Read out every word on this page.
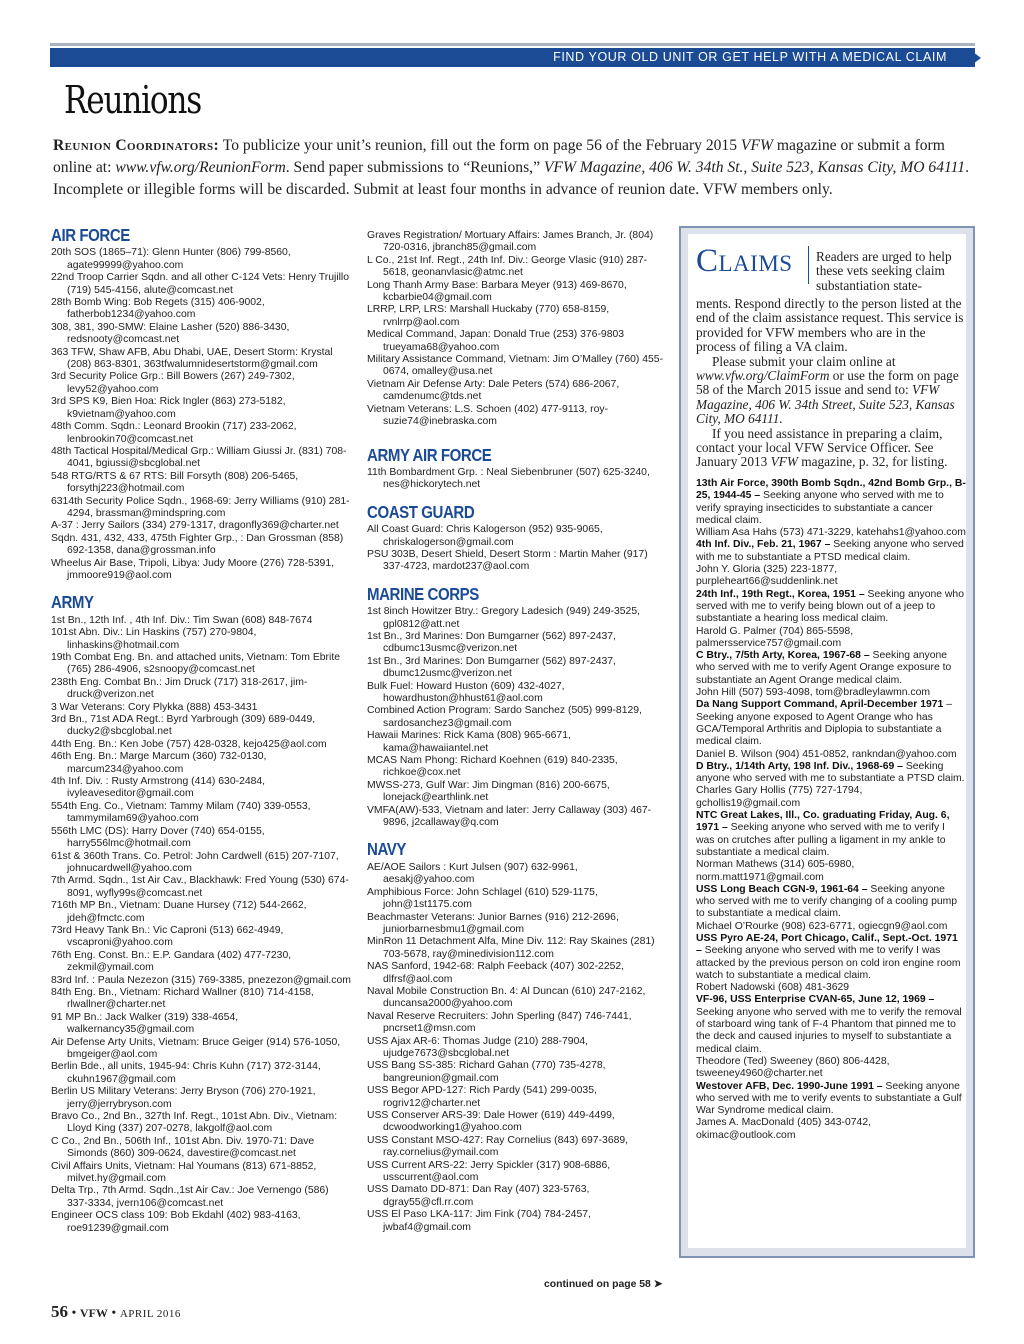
FIND YOUR OLD UNIT OR GET HELP WITH A MEDICAL CLAIM
Reunions
Reunion Coordinators: To publicize your unit’s reunion, fill out the form on page 56 of the February 2015 VFW magazine or submit a form online at: www.vfw.org/ReunionForm. Send paper submissions to “Reunions,” VFW Magazine, 406 W. 34th St., Suite 523, Kansas City, MO 64111. Incomplete or illegible forms will be discarded. Submit at least four months in advance of reunion date. VFW members only.
AIR FORCE
20th SOS (1865–71): Glenn Hunter (806) 799-8560, agate99999@yahoo.com
22nd Troop Carrier Sqdn. and all other C-124 Vets: Henry Trujillo (719) 545-4156, alute@comcast.net
28th Bomb Wing: Bob Regets (315) 406-9002, fatherbob1234@yahoo.com
308, 381, 390-SMW: Elaine Lasher (520) 886-3430, redsnooty@comcast.net
363 TFW, Shaw AFB, Abu Dhabi, UAE, Desert Storm: Krystal (208) 863-8301, 363tfwalumnidesertstorm@gmail.com
3rd Security Police Grp.: Bill Bowers (267) 249-7302, levy52@yahoo.com
3rd SPS K9, Bien Hoa: Rick Ingler (863) 273-5182, k9vietnam@yahoo.com
48th Comm. Sqdn.: Leonard Brookin (717) 233-2062, lenbrookin70@comcast.net
48th Tactical Hospital/Medical Grp.: William Giussi Jr. (831) 708-4041, bgiussi@sbcglobal.net
548 RTG/RTS & 67 RTS: Bill Forsyth (808) 206-5465, forsythj223@hotmail.com
6314th Security Police Sqdn., 1968-69: Jerry Williams (910) 281-4294, brassman@mindspring.com
A-37 : Jerry Sailors (334) 279-1317, dragonfly369@charter.net
Sqdn. 431, 432, 433, 475th Fighter Grp., : Dan Grossman (858) 692-1358, dana@grossman.info
Wheelus Air Base, Tripoli, Libya: Judy Moore (276) 728-5391, jmmoore919@aol.com
ARMY
1st Bn., 12th Inf. , 4th Inf. Div.: Tim Swan (608) 848-7674
101st Abn. Div.: Lin Haskins (757) 270-9804, linhaskins@hotmail.com
19th Combat Eng. Bn. and attached units, Vietnam: Tom Ebrite (765) 286-4906, s2snoopy@comcast.net
238th Eng. Combat Bn.: Jim Druck (717) 318-2617, jim-druck@verizon.net
3 War Veterans: Cory Plykka (888) 453-3431
3rd Bn., 71st ADA Regt.: Byrd Yarbrough (309) 689-0449, ducky2@sbcglobal.net
44th Eng. Bn.: Ken Jobe (757) 428-0328, kejo425@aol.com
46th Eng. Bn.: Marge Marcum (360) 732-0130, marcum234@yahoo.com
4th Inf. Div. : Rusty Armstrong (414) 630-2484, ivyleaveseditor@gmail.com
554th Eng. Co., Vietnam: Tammy Milam (740) 339-0553, tammymilam69@yahoo.com
556th LMC (DS): Harry Dover (740) 654-0155, harry556lmc@hotmail.com
61st & 360th Trans. Co. Petrol: John Cardwell (615) 207-7107, johnucardwell@yahoo.com
7th Armd. Sqdn., 1st Air Cav., Blackhawk: Fred Young (530) 674-8091, wyfly99s@comcast.net
716th MP Bn., Vietnam: Duane Hursey (712) 544-2662, jdeh@fmctc.com
73rd Heavy Tank Bn.: Vic Caproni (513) 662-4949, vscaproni@yahoo.com
76th Eng. Const. Bn.: E.P. Gandara (402) 477-7230, zekmil@ymail.com
83rd Inf. : Paula Nezezon (315) 769-3385, pnezezon@gmail.com
84th Eng. Bn., Vietnam: Richard Wallner (810) 714-4158, rlwallner@charter.net
91 MP Bn.: Jack Walker (319) 338-4654, walkernancy35@gmail.com
Air Defense Arty Units, Vietnam: Bruce Geiger (914) 576-1050, bmgeiger@aol.com
Berlin Bde., all units, 1945-94: Chris Kuhn (717) 372-3144, ckuhn1967@gmail.com
Berlin US Military Veterans: Jerry Bryson (706) 270-1921, jerry@jerrybryson.com
Bravo Co., 2nd Bn., 327th Inf. Regt., 101st Abn. Div., Vietnam: Lloyd King (337) 207-0278, lakgolf@aol.com
C Co., 2nd Bn., 506th Inf., 101st Abn. Div. 1970-71: Dave Simonds (860) 309-0624, davestire@comcast.net
Civil Affairs Units, Vietnam: Hal Youmans (813) 671-8852, milvet.hy@gmail.com
Delta Trp., 7th Armd. Sqdn.,1st Air Cav.: Joe Vernengo (586) 337-3334, jvern106@comcast.net
Engineer OCS class 109: Bob Ekdahl (402) 983-4163, roe91239@gmail.com
Graves Registration/ Mortuary Affairs: James Branch, Jr. (804) 720-0316, jbranch85@gmail.com
L Co., 21st Inf. Regt., 24th Inf. Div.: George Vlasic (910) 287-5618, geonanvlasic@atmc.net
Long Thanh Army Base: Barbara Meyer (913) 469-8670, kcbarbie04@gmail.com
LRRP, LRP, LRS: Marshall Huckaby (770) 658-8159, rvnlrrp@aol.com
Medical Command, Japan: Donald True (253) 376-9803 trueyama68@yahoo.com
Military Assistance Command, Vietnam: Jim O’Malley (760) 455-0674, omalley@usa.net
Vietnam Air Defense Arty: Dale Peters (574) 686-2067, camdenumc@tds.net
Vietnam Veterans: L.S. Schoen (402) 477-9113, roy-suzie74@inebraska.com
ARMY AIR FORCE
11th Bombardment Grp. : Neal Siebenbruner (507) 625-3240, nes@hickorytech.net
COAST GUARD
All Coast Guard: Chris Kalogerson (952) 935-9065, chriskalogerson@gmail.com
PSU 303B, Desert Shield, Desert Storm : Martin Maher (917) 337-4723, mardot237@aol.com
MARINE CORPS
1st 8inch Howitzer Btry.: Gregory Ladesich (949) 249-3525, gpl0812@att.net
1st Bn., 3rd Marines: Don Bumgarner (562) 897-2437, cdbumc13usmc@verizon.net
1st Bn., 3rd Marines: Don Bumgarner (562) 897-2437, dbumc12usmc@verizon.net
Bulk Fuel: Howard Huston (609) 432-4027, howardhuston@hhust61@aol.com
Combined Action Program: Sardo Sanchez (505) 999-8129, sardosanchez3@gmail.com
Hawaii Marines: Rick Kama (808) 965-6671, kama@hawaiiantel.net
MCAS Nam Phong: Richard Koehnen (619) 840-2335, richkoe@cox.net
MWSS-273, Gulf War: Jim Dingman (816) 200-6675, lonejack@earthlink.net
VMFA(AW)-533, Vietnam and later: Jerry Callaway (303) 467-9896, j2callaway@q.com
NAVY
AE/AOE Sailors : Kurt Julsen (907) 632-9961, aesakj@yahoo.com
Amphibious Force: John Schlagel (610) 529-1175, john@1st1175.com
Beachmaster Veterans: Junior Barnes (916) 212-2696, juniorbarnesbmu1@gmail.com
MinRon 11 Detachment Alfa, Mine Div. 112: Ray Skaines (281) 703-5678, ray@minedivision112.com
NAS Sanford, 1942-68: Ralph Feeback (407) 302-2252, dlfrsf@aol.com
Naval Mobile Construction Bn. 4: Al Duncan (610) 247-2162, duncansa2000@yahoo.com
Naval Reserve Recruiters: John Sperling (847) 746-7441, pncrset1@msn.com
USS Ajax AR-6: Thomas Judge (210) 288-7904, ujudge7673@sbcglobal.net
USS Bang SS-385: Richard Gahan (770) 735-4278, bangreunion@gmail.com
USS Begor APD-127: Rich Pardy (541) 299-0035, rogriv12@charter.net
USS Conserver ARS-39: Dale Hower (619) 449-4499, dcwoodworking1@yahoo.com
USS Constant MSO-427: Ray Cornelius (843) 697-3689, ray.cornelius@ymail.com
USS Current ARS-22: Jerry Spickler (317) 908-6886, usscurrent@aol.com
USS Damato DD-871: Dan Ray (407) 323-5763, dgray55@cfl.rr.com
USS El Paso LKA-117: Jim Fink (704) 784-2457, jwbaf4@gmail.com
Claims Readers are urged to help these vets seeking claim substantiation state-

ments. Respond directly to the person listed at the end of the claim assistance request. This service is provided for VFW members who are in the process of filing a VA claim.

Please submit your claim online at www.vfw.org/ClaimForm or use the form on page 58 of the March 2015 issue and send to: VFW Magazine, 406 W. 34th Street, Suite 523, Kansas City, MO 64111.

If you need assistance in preparing a claim, contact your local VFW Service Officer. See January 2013 VFW magazine, p. 32, for listing.

13th Air Force, 390th Bomb Sqdn., 42nd Bomb Grp., B-25, 1944-45 – Seeking anyone who served with me to verify spraying insecticides to substantiate a cancer medical claim.
William Asa Hahs (573) 471-3229, katehahs1@yahoo.com
4th Inf. Div., Feb. 21, 1967 – Seeking anyone who served with me to substantiate a PTSD medical claim.
John Y. Gloria (325) 223-1877, purpleheart66@suddenlink.net
24th Inf., 19th Regt., Korea, 1951 – Seeking anyone who served with me to verify being blown out of a jeep to substantiate a hearing loss medical claim.
Harold G. Palmer (704) 865-5598, palmersservice757@gmail.com
C Btry., 7/5th Arty, Korea, 1967-68 – Seeking anyone who served with me to verify Agent Orange exposure to substantiate an Agent Orange medical claim.
John Hill (507) 593-4098, tom@bradleylawmn.com
Da Nang Support Command, April-December 1971 – Seeking anyone exposed to Agent Orange who has GCA/Temporal Arthritis and Diplopia to substantiate a medical claim.
Daniel B. Wilson (904) 451-0852, rankndan@yahoo.com
D Btry., 1/14th Arty, 198 Inf. Div., 1968-69 – Seeking anyone who served with me to substantiate a PTSD claim.
Charles Gary Hollis (775) 727-1794, gchollis19@gmail.com
NTC Great Lakes, Ill., Co. graduating Friday, Aug. 6, 1971 – Seeking anyone who served with me to verify I was on crutches after pulling a ligament in my ankle to substantiate a medical claim.
Norman Mathews (314) 605-6980, norm.matt1971@gmail.com
USS Long Beach CGN-9, 1961-64 – Seeking anyone who served with me to verify changing of a cooling pump to substantiate a medical claim.
Michael O’Rourke (908) 623-6771, ogiecgn9@aol.com
USS Pyro AE-24, Port Chicago, Calif., Sept.-Oct. 1971 – Seeking anyone who served with me to verify I was attacked by the previous person on cold iron engine room watch to substantiate a medical claim.
Robert Nadowski (608) 481-3629
VF-96, USS Enterprise CVAN-65, June 12, 1969 – Seeking anyone who served with me to verify the removal of starboard wing tank of F-4 Phantom that pinned me to the deck and caused injuries to myself to substantiate a medical claim.
Theodore (Ted) Sweeney (860) 806-4428, tsweeney4960@charter.net
Westover AFB, Dec. 1990-June 1991 – Seeking anyone who served with me to verify events to substantiate a Gulf War Syndrome medical claim.
James A. MacDonald (405) 343-0742, okimac@outlook.com
continued on page 58 ➤
56 • VFW • APRIL 2016
